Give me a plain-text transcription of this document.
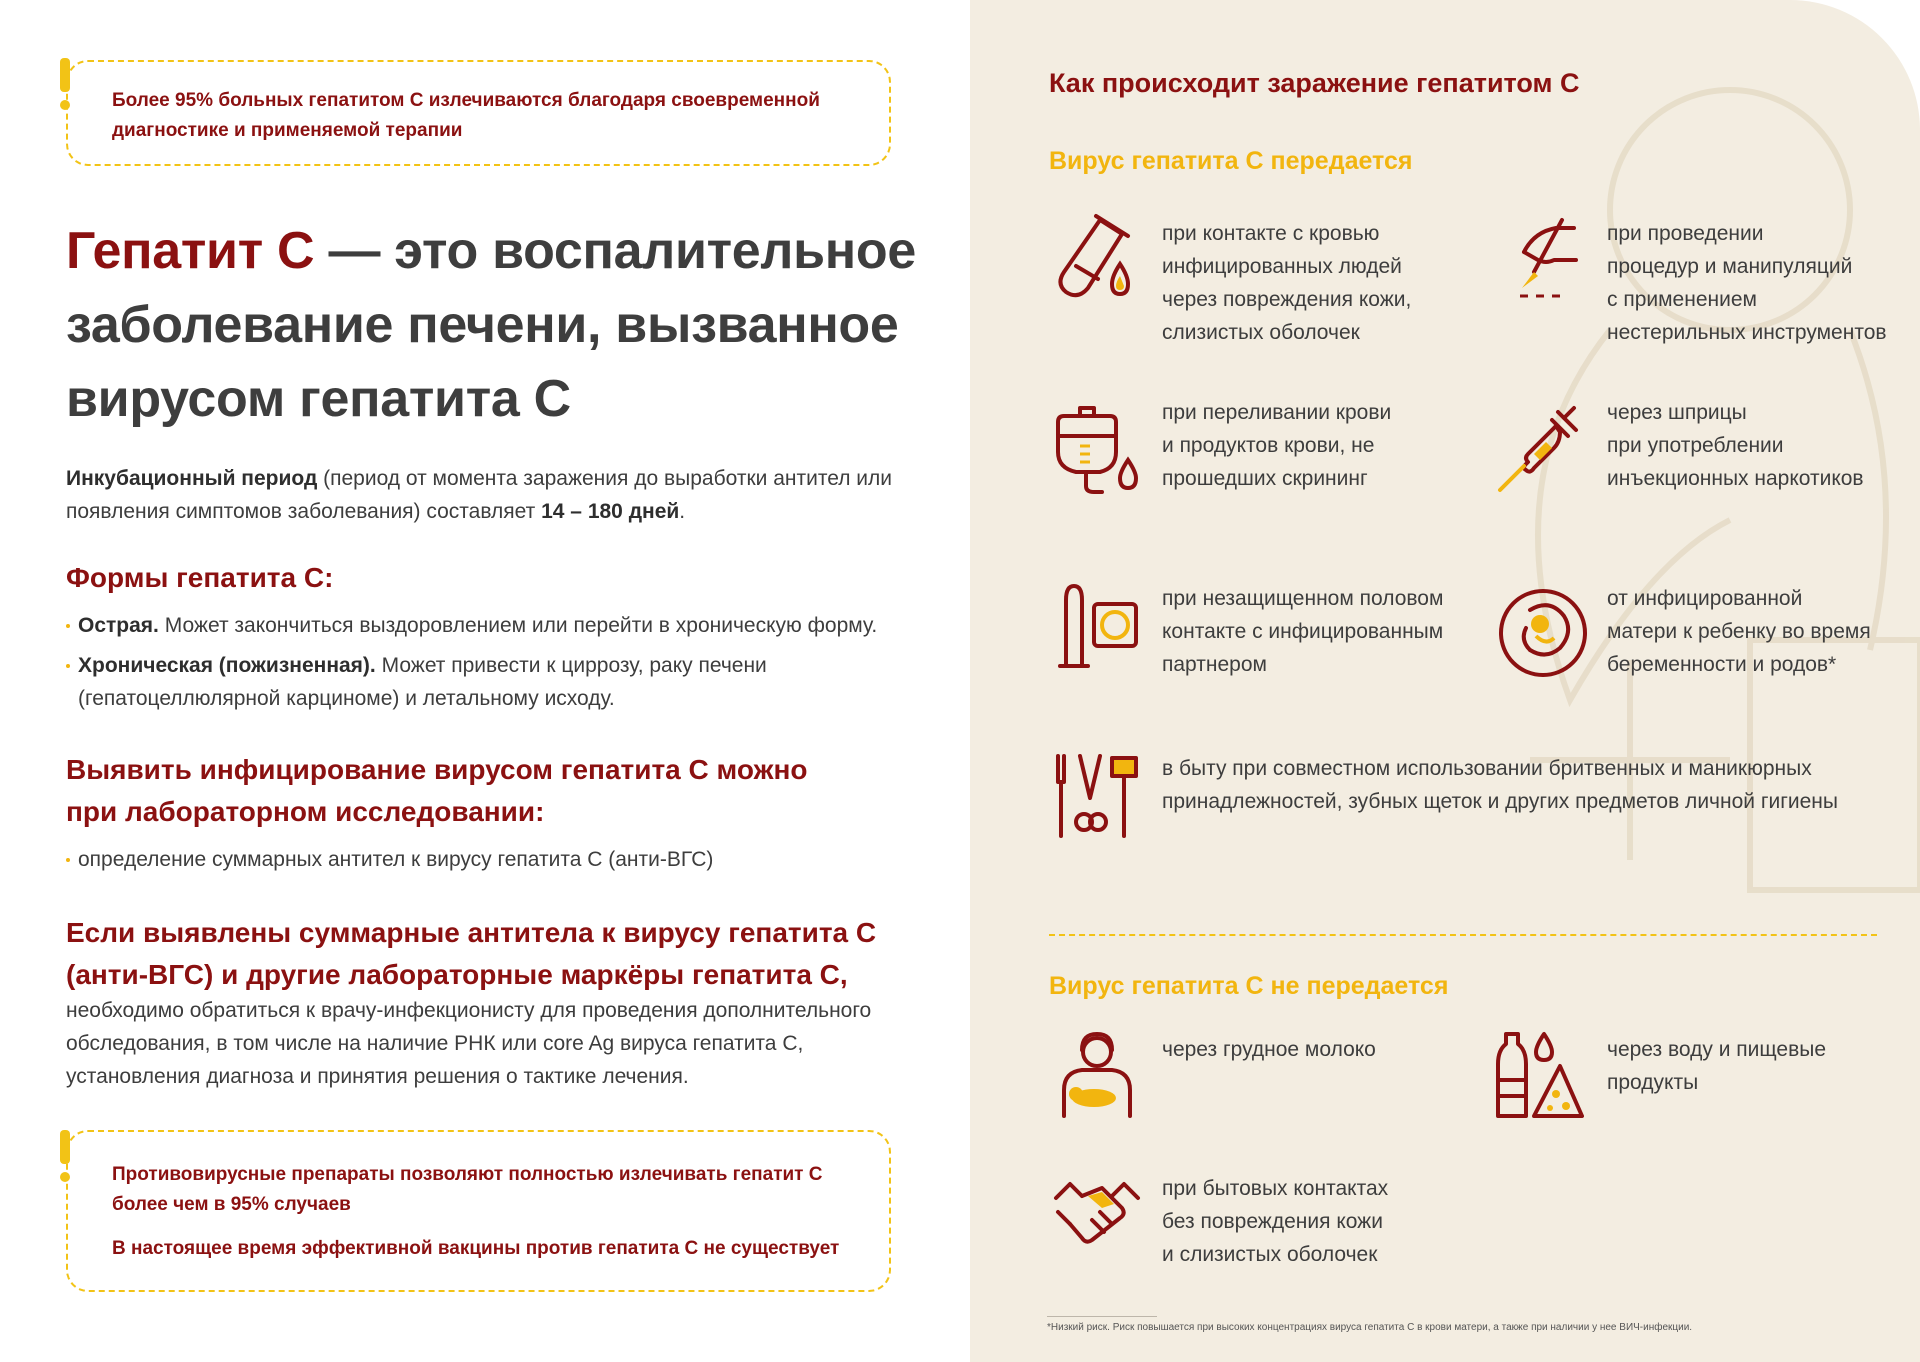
Более 95% больных гепатитом С излечиваются благодаря своевременной

диагностике и применяемой терапии

Гепатит С — это воспалительное
заболевание печени, вызванное
вирусом гепатита С
Инкубационный период (период от момента заражения до выработки антител или
появления симптомов заболевания) составляет 14 – 180 дней.
Формы гепатита С:
Острая. Может закончиться выздоровлением или перейти в хроническую форму.
Хроническая (пожизненная). Может привести к циррозу, раку печени
(гепатоцеллюлярной карциноме) и летальному исходу.
Выявить инфицирование вирусом гепатита С можно
при лабораторном исследовании:
определение суммарных антител к вирусу гепатита С (анти-ВГС)
Если выявлены суммарные антитела к вирусу гепатита С
(анти-ВГС) и другие лабораторные маркёры гепатита С,
необходимо обратиться к врачу-инфекционисту для проведения дополнительного
обследования, в том числе на наличие РНК или core Ag вируса гепатита С,
установления диагноза и принятия решения о тактике лечения.

Противовирусные препараты позволяют полностью излечивать гепатит С

более чем в 95% случаев

В настоящее время эффективной вакцины против гепатита С не существует

Как происходит заражение гепатитом С
Вирус гепатита С передается
при контакте с кровью
инфицированных людей
через повреждения кожи,
слизистых оболочек
при проведении
процедур и манипуляций
с применением
нестерильных инструментов
при переливании крови
и продуктов крови, не
прошедших скрининг
через шприцы
при употреблении
инъекционных наркотиков
при незащищенном половом
контакте с инфицированным
партнером
от инфицированной
матери к ребенку во время
беременности и родов*
в быту при совместном использовании бритвенных и маникюрных
принадлежностей, зубных щеток и других предметов личной гигиены
Вирус гепатита С не передается
через грудное молоко	через воду и пищевые
продукты
при бытовых контактах
без повреждения кожи
и слизистых оболочек
*Низкий риск. Риск повышается при высоких концентрациях вируса гепатита С в крови матери, а также при наличии у нее ВИЧ-инфекции.
